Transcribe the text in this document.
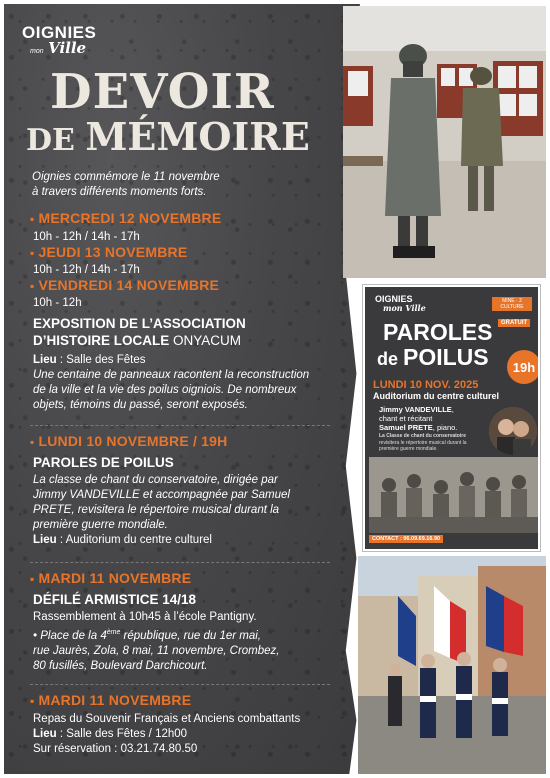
OIGNIES
mon Ville
DEVOIR
DE MÉMOIRE
Oignies commémore le 11 novembre
à travers différents moments forts.
▪ MERCREDI 12 NOVEMBRE
10h - 12h / 14h - 17h
▪ JEUDI 13 NOVEMBRE
10h - 12h / 14h - 17h
▪ VENDREDI 14 NOVEMBRE
10h - 12h
EXPOSITION DE L’ASSOCIATION
D’HISTOIRE LOCALE ONYACUM
Lieu : Salle des Fêtes
Une centaine de panneaux racontent la reconstruction
de la ville et la vie des poilus oigniois. De nombreux
objets, témoins du passé, seront exposés.
▪ LUNDI 10 NOVEMBRE / 19H
PAROLES DE POILUS
La classe de chant du conservatoire, dirigée par
Jimmy VANDEVILLE et accompagnée par Samuel
PRETE, revisitera le répertoire musical durant la
première guerre mondiale.
Lieu : Auditorium du centre culturel
▪ MARDI 11 NOVEMBRE
DÉFILÉ ARMISTICE 14/18
Rassemblement à 10h45 à l’école Pantigny.
• Place de la 4ème république, rue du 1er mai,
rue Jaurès, Zola, 8 mai, 11 novembre, Crombez,
80 fusillés, Boulevard Darchicourt.
▪ MARDI 11 NOVEMBRE
Repas du Souvenir Français et Anciens combattants
Lieu : Salle des Fêtes / 12h00
Sur réservation : 03.21.74.80.50
OIGNIES
mon Ville
MINE · 2 CULTURE
GRATUIT
PAROLES
de POILUS	19h
LUNDI 10 NOV. 2025
Auditorium du centre culturel
Jimmy VANDEVILLE,
chant et récitant
Samuel PRETE, piano.
La Classe de chant du conservatoire
revisitera le répertoire musical durant la première guerre mondiale.
CONTACT : 06.09.69.16.90
